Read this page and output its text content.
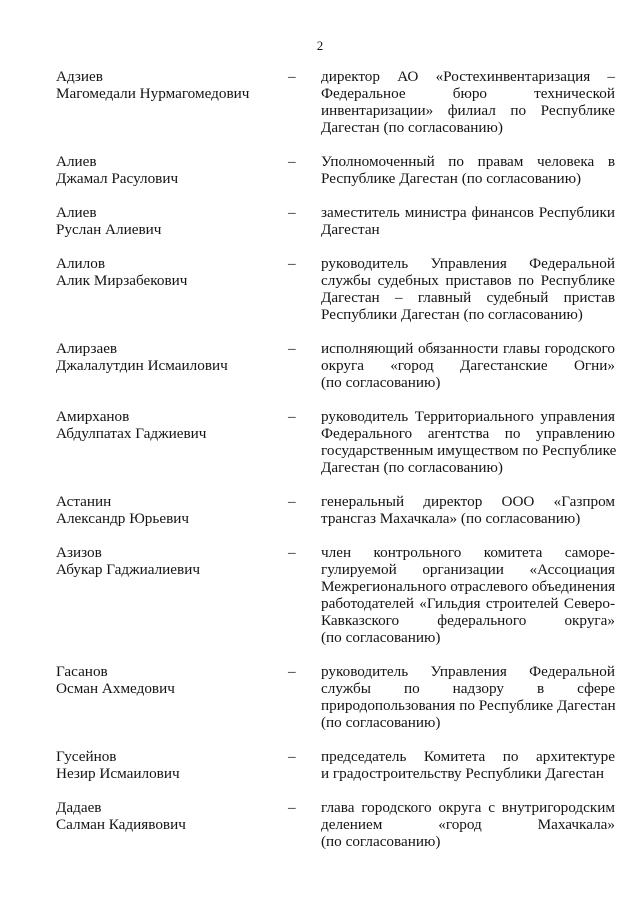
2
Адзиев
Магомедали Нурмагомедович
– директор АО «Ростехинвентаризация –
Федеральное бюро технической
инвентаризации» филиал по Республике
Дагестан (по согласованию)
Алиев
Джамал Расулович
– Уполномоченный по правам человека в
Республике Дагестан (по согласованию)
Алиев
Руслан Алиевич
– заместитель министра финансов Республики
Дагестан
Алилов
Алик Мирзабекович
– руководитель Управления Федеральной
службы судебных приставов по Республике
Дагестан – главный судебный пристав
Республики Дагестан (по согласованию)
Алирзаев
Джалалутдин Исмаилович
– исполняющий обязанности главы городского
округа «город Дагестанские Огни»
(по согласованию)
Амирханов
Абдулпатах Гаджиевич
– руководитель Территориального управления
Федерального агентства по управлению
государственным имуществом по Республике
Дагестан (по согласованию)
Астанин
Александр Юрьевич
– генеральный директор ООО «Газпром
трансгаз Махачкала» (по согласованию)
Азизов
Абукар Гаджиалиевич
– член контрольного комитета саморе-
гулируемой организации «Ассоциация
Межрегионального отраслевого объединения
работодателей «Гильдия строителей Северо-
Кавказского федерального округа»
(по согласованию)
Гасанов
Осман Ахмедович
– руководитель Управления Федеральной
службы по надзору в сфере
природопользования по Республике Дагестан
(по согласованию)
Гусейнов
Незир Исмаилович
– председатель Комитета по архитектуре
и градостроительству Республики Дагестан
Дадаев
Салман Кадиявович
– глава городского округа с внутригородским
делением «город Махачкала»
(по согласованию)
